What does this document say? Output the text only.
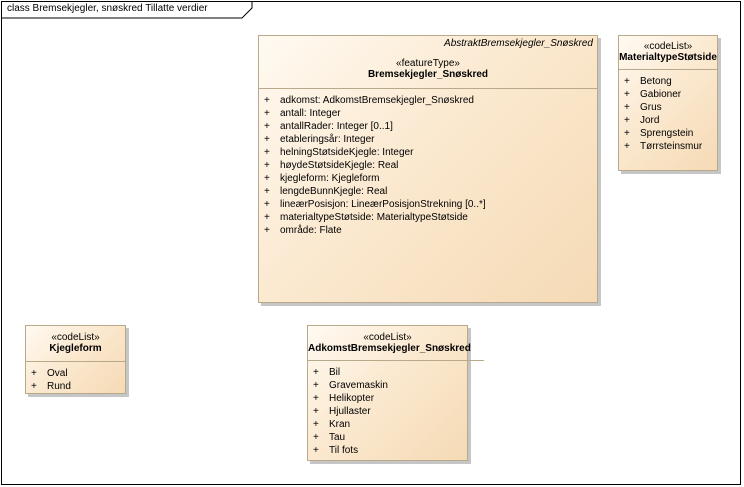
class Bremsekjegler, snøskred Tillatte verdier
AbstraktBremsekjegler_Snøskred
«featureType»
Bremsekjegler_Snøskred
+ adkomst: AdkomstBremsekjegler_Snøskred
+ antall: Integer
+ antallRader: Integer [0..1]
+ etableringsår: Integer
+ helningStøtsideKjegle: Integer
+ høydeStøtsideKjegle: Real
+ kjegleform: Kjegleform
+ lengdeBunnKjegle: Real
+ lineærPosisjon: LineærPosisjonStrekning [0..*]
+ materialtypeStøtside: MaterialtypeStøtside
+ område: Flate
«codeList»
MaterialtypeStøtside
+ Betong
+ Gabioner
+ Grus
+ Jord
+ Sprengstein
+ Tørrsteinsmur
«codeList»
Kjegleform
+ Oval
+ Rund
«codeList»
AdkomstBremsekjegler_Snøskred
+ Bil
+ Gravemaskin
+ Helikopter
+ Hjullaster
+ Kran
+ Tau
+ Til fots
